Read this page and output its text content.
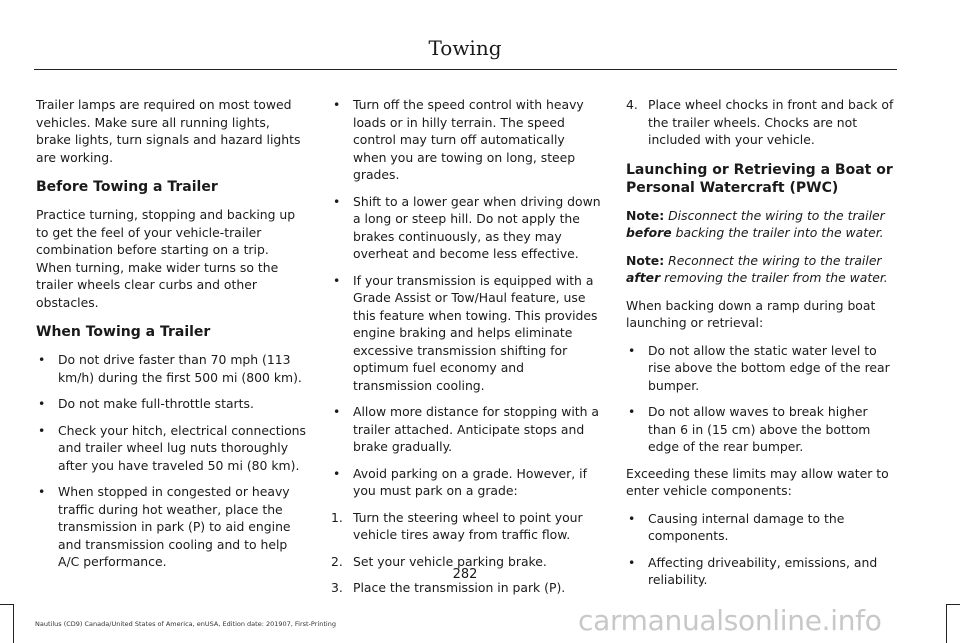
Towing

Trailer lamps are required on most towed vehicles. Make sure all running lights, brake lights, turn signals and hazard lights are working.

Before Towing a Trailer

Practice turning, stopping and backing up to get the feel of your vehicle-trailer combination before starting on a trip. When turning, make wider turns so the trailer wheels clear curbs and other obstacles.

When Towing a Trailer
• Do not drive faster than 70 mph (113 km/h) during the first 500 mi (800 km).
• Do not make full-throttle starts.
• Check your hitch, electrical connections and trailer wheel lug nuts thoroughly after you have traveled 50 mi (80 km).
• When stopped in congested or heavy traffic during hot weather, place the transmission in park (P) to aid engine and transmission cooling and to help A/C performance.
• Turn off the speed control with heavy loads or in hilly terrain. The speed control may turn off automatically when you are towing on long, steep grades.
• Shift to a lower gear when driving down a long or steep hill. Do not apply the brakes continuously, as they may overheat and become less effective.
• If your transmission is equipped with a Grade Assist or Tow/Haul feature, use this feature when towing. This provides engine braking and helps eliminate excessive transmission shifting for optimum fuel economy and transmission cooling.
• Allow more distance for stopping with a trailer attached. Anticipate stops and brake gradually.
• Avoid parking on a grade. However, if you must park on a grade:
1. Turn the steering wheel to point your vehicle tires away from traffic flow.
2. Set your vehicle parking brake.
3. Place the transmission in park (P).
4. Place wheel chocks in front and back of the trailer wheels. Chocks are not included with your vehicle.
Launching or Retrieving a Boat or Personal Watercraft (PWC)

Note: Disconnect the wiring to the trailer before backing the trailer into the water.

Note: Reconnect the wiring to the trailer after removing the trailer from the water.

When backing down a ramp during boat launching or retrieval:

• Do not allow the static water level to rise above the bottom edge of the rear bumper.
• Do not allow waves to break higher than 6 in (15 cm) above the bottom edge of the rear bumper.

Exceeding these limits may allow water to enter vehicle components:

• Causing internal damage to the components.
• Affecting driveability, emissions, and reliability.
282
Nautilus (CD9) Canada/United States of America, enUSA, Edition date: 201907, First-Printing	carmanualsonline.info
